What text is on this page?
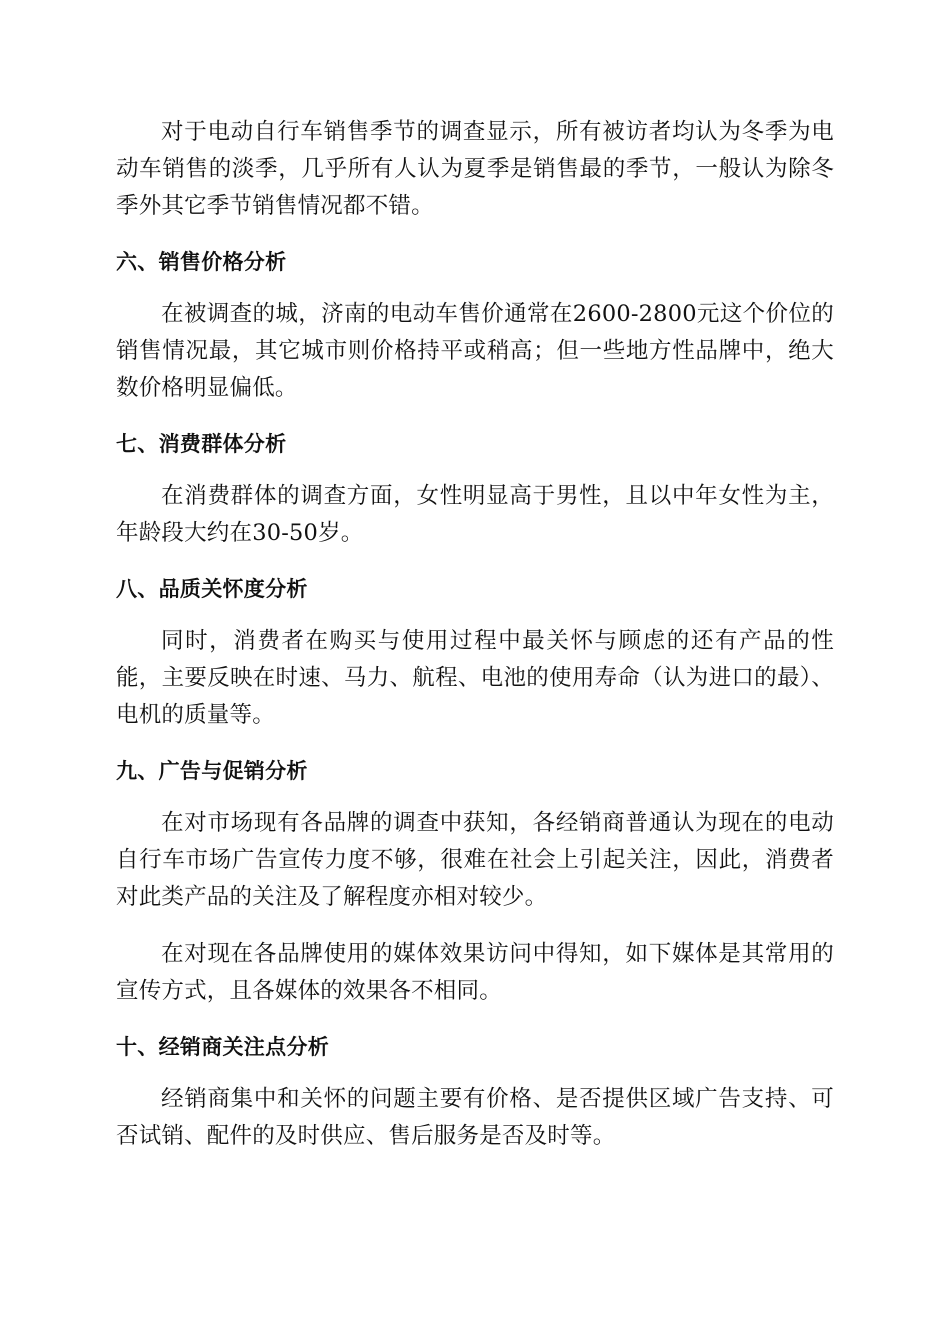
对于电动自行车销售季节的调查显示，所有被访者均认为冬季为电动车销售的淡季，几乎所有人认为夏季是销售最的季节，一般认为除冬季外其它季节销售情况都不错。

六、销售价格分析

在被调查的城，济南的电动车售价通常在2600-2800元这个价位的销售情况最，其它城市则价格持平或稍高；但一些地方性品牌中，绝大数价格明显偏低。

七、消费群体分析

在消费群体的调查方面，女性明显高于男性，且以中年女性为主，年龄段大约在30-50岁。

八、品质关怀度分析

同时，消费者在购买与使用过程中最关怀与顾虑的还有产品的性能，主要反映在时速、马力、航程、电池的使用寿命（认为进口的最）、电机的质量等。

九、广告与促销分析

在对市场现有各品牌的调查中获知，各经销商普通认为现在的电动自行车市场广告宣传力度不够，很难在社会上引起关注，因此，消费者对此类产品的关注及了解程度亦相对较少。

在对现在各品牌使用的媒体效果访问中得知，如下媒体是其常用的宣传方式，且各媒体的效果各不相同。

十、经销商关注点分析

经销商集中和关怀的问题主要有价格、是否提供区域广告支持、可否试销、配件的及时供应、售后服务是否及时等。
